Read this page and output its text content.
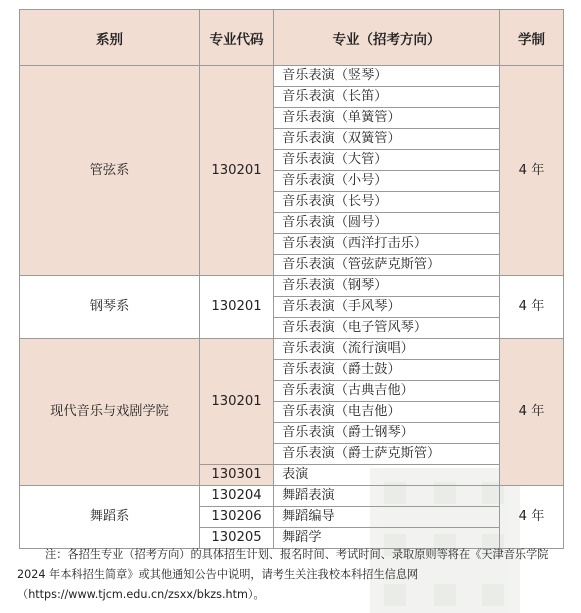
系别	专业代码	专业（招考方向）	学制
管弦系	130201	音乐表演（竖琴）	4 年
		音乐表演（长笛）	
		音乐表演（单簧管）	
		音乐表演（双簧管）	
		音乐表演（大管）	
		音乐表演（小号）	
		音乐表演（长号）	
		音乐表演（圆号）	
		音乐表演（西洋打击乐）	
		音乐表演（管弦萨克斯管）	
钢琴系	130201	音乐表演（钢琴）	4 年
		音乐表演（手风琴）	
		音乐表演（电子管风琴）	
现代音乐与戏剧学院	130201	音乐表演（流行演唱）	4 年
		音乐表演（爵士鼓）	
		音乐表演（古典吉他）	
		音乐表演（电吉他）	
		音乐表演（爵士钢琴）	
		音乐表演（爵士萨克斯管）	
	130301	表演	
舞蹈系	130204	舞蹈表演	4 年
	130206	舞蹈编导	
	130205	舞蹈学	

注：各招生专业（招考方向）的具体招生计划、报名时间、考试时间、录取原则等将在《天津音乐学院2024 年本科招生简章》或其他通知公告中说明，请考生关注我校本科招生信息网（https://www.tjcm.edu.cn/zsxx/bkzs.htm）。
